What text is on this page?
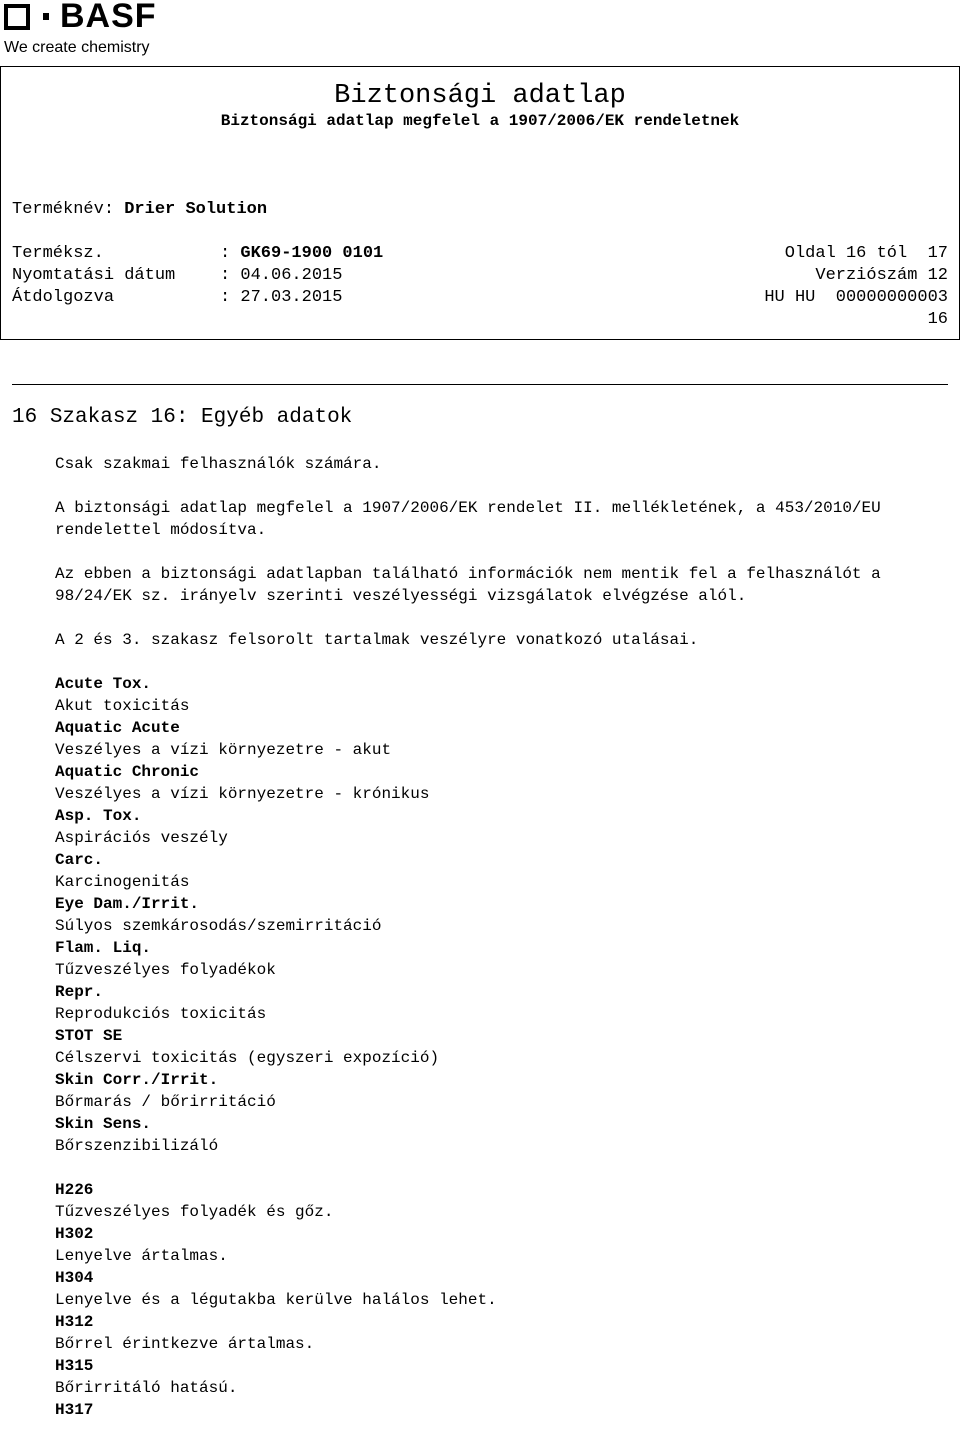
BASF
We create chemistry
Biztonsági adatlap
Biztonsági adatlap megfelel a 1907/2006/EK rendeletnek
Terméknév: Drier Solution
Terméksz.	: GK69-1900 0101
Nyomtatási dátum	: 04.06.2015
Átdolgozva	: 27.03.2015
Oldal 16 tól  17
Verziószám 12
HU HU  00000000003
16
16 Szakasz 16: Egyéb adatok

Csak szakmai felhasználók számára.

A biztonsági adatlap megfelel a 1907/2006/EK rendelet II. mellékletének, a 453/2010/EU rendelettel módosítva.

Az ebben a biztonsági adatlapban található információk nem mentik fel a felhasználót a 98/24/EK sz. irányelv szerinti veszélyességi vizsgálatok elvégzése alól.

A 2 és 3. szakasz felsorolt tartalmak veszélyre vonatkozó utalásai.

Acute Tox.
Akut toxicitás
Aquatic Acute
Veszélyes a vízi környezetre - akut
Aquatic Chronic
Veszélyes a vízi környezetre - krónikus
Asp. Tox.
Aspirációs veszély
Carc.
Karcinogenitás
Eye Dam./Irrit.
Súlyos szemkárosodás/szemirritáció
Flam. Liq.
Tűzveszélyes folyadékok
Repr.
Reprodukciós toxicitás
STOT SE
Célszervi toxicitás (egyszeri expozíció)
Skin Corr./Irrit.
Bőrmarás / bőrirritáció
Skin Sens.
Bőrszenzibilizáló
H226
Tűzveszélyes folyadék és gőz.
H302
Lenyelve ártalmas.
H304
Lenyelve és a légutakba kerülve halálos lehet.
H312
Bőrrel érintkezve ártalmas.
H315
Bőrirritáló hatású.
H317
